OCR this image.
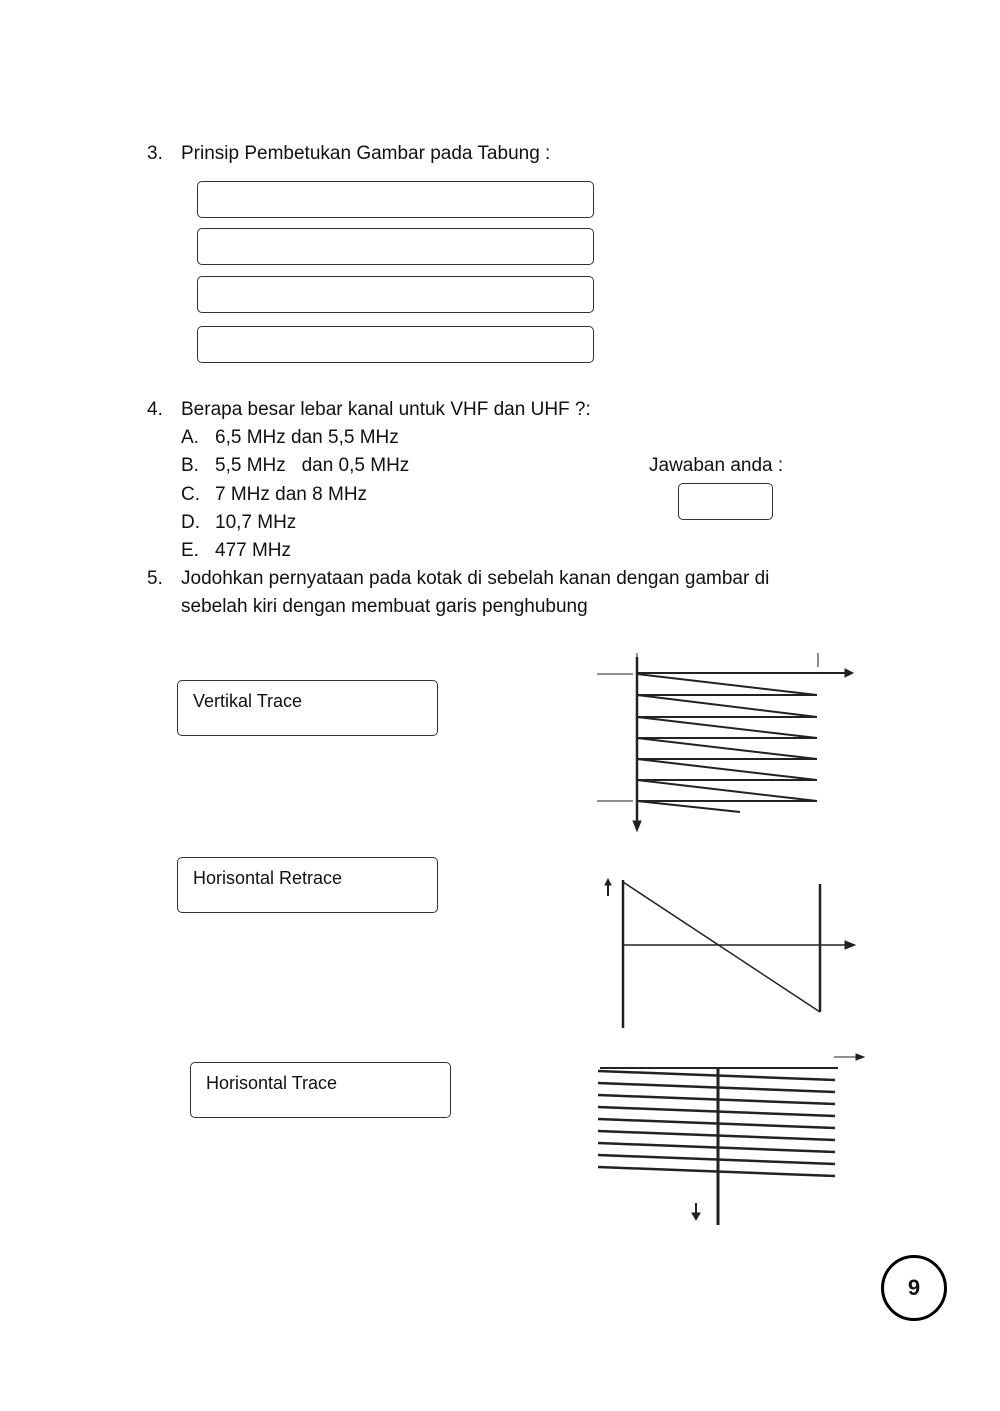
3. Prinsip Pembetukan Gambar pada Tabung :
4. Berapa besar lebar kanal untuk VHF dan UHF ?:
A. 6,5 MHz dan 5,5 MHz
B. 5,5 MHz   dan 0,5 MHz
C. 7 MHz dan 8 MHz
D. 10,7 MHz
E. 477 MHz
Jawaban anda :
5. Jodohkan pernyataan pada kotak di sebelah kanan dengan gambar di
sebelah kiri dengan membuat garis penghubung
Vertikal Trace
Horisontal Retrace
Horisontal Trace
9
